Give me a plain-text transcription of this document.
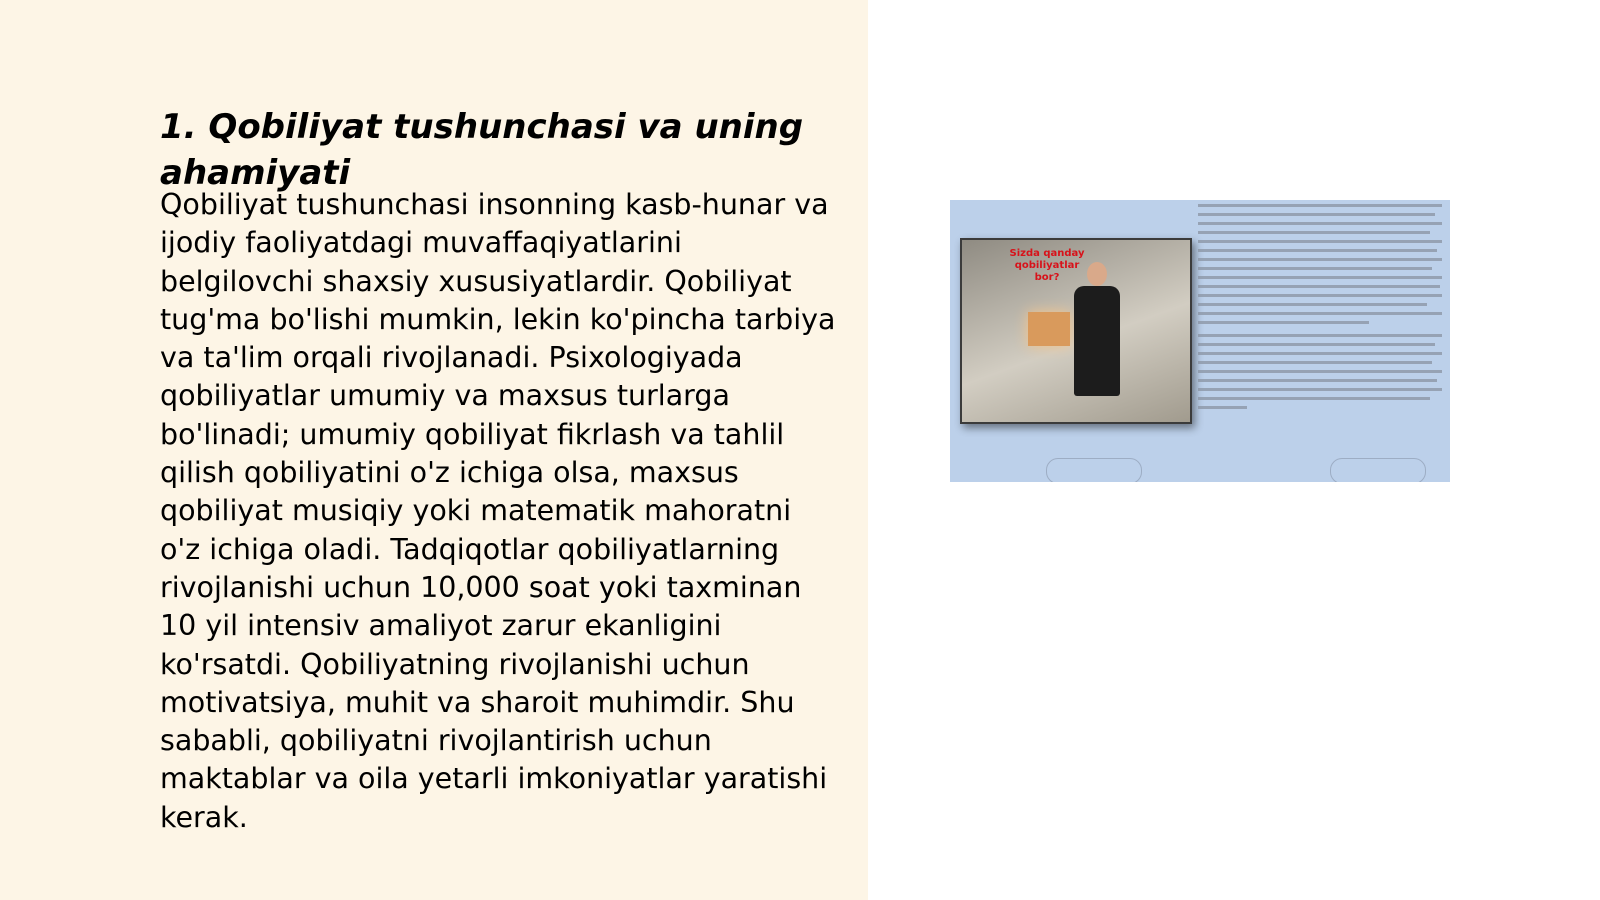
1. Qobiliyat tushunchasi va uning ahamiyati

Qobiliyat tushunchasi insonning kasb-hunar va ijodiy faoliyatdagi muvaffaqiyatlarini belgilovchi shaxsiy xususiyatlardir. Qobiliyat tug'ma bo'lishi mumkin, lekin ko'pincha tarbiya va ta'lim orqali rivojlanadi. Psixologiyada qobiliyatlar umumiy va maxsus turlarga bo'linadi; umumiy qobiliyat fikrlash va tahlil qilish qobiliyatini o'z ichiga olsa, maxsus qobiliyat musiqiy yoki matematik mahoratni o'z ichiga oladi. Tadqiqotlar qobiliyatlarning rivojlanishi uchun 10,000 soat yoki taxminan 10 yil intensiv amaliyot zarur ekanligini ko'rsatdi. Qobiliyatning rivojlanishi uchun motivatsiya, muhit va sharoit muhimdir. Shu sababli, qobiliyatni rivojlantirish uchun maktablar va oila yetarli imkoniyatlar yaratishi kerak.

Sizda qanday qobiliyatlar bor?
